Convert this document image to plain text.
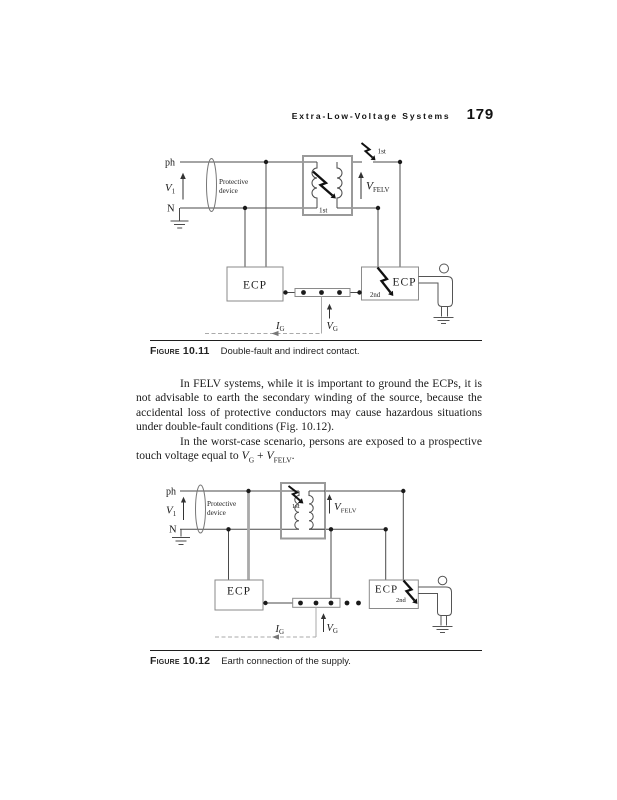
Extra-Low-Voltage Systems 179
ph
$V_1$
N
Protective
device
1st
1st
$V_{FELV}$
ECP	ECP
2nd
IG	VG
Figure 10.11 Double-fault and indirect contact.

In FELV systems, while it is important to ground the ECPs, it is not advisable to earth the secondary winding of the source, because the accidental loss of protective conductors may cause hazardous situations under double-fault conditions (Fig. 10.12).

In the worst-case scenario, persons are exposed to a prospective touch voltage equal to $V_G + V_{FELV}$.

ph
$V_1$
N
Protective
device
1st	$V_{FELV}$
ECP	ECP
2nd
IG	VG
Figure 10.12 Earth connection of the supply.
